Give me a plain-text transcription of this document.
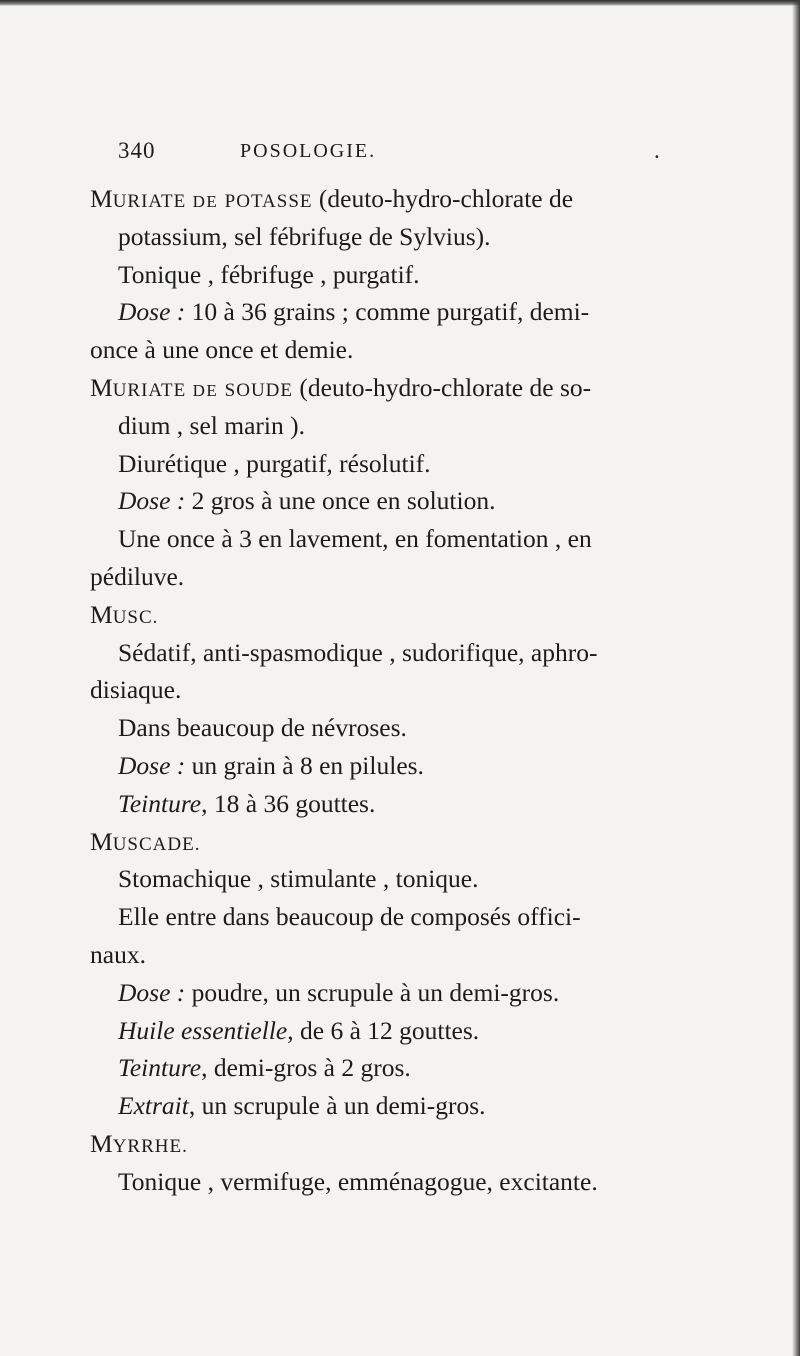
340	POSOLOGIE.	.
MURIATE DE POTASSE (deuto-hydro-chlorate de
potassium, sel fébrifuge de Sylvius).
Tonique , fébrifuge , purgatif.
Dose : 10 à 36 grains ; comme purgatif, demi-
once à une once et demie.
MURIATE DE SOUDE (deuto-hydro-chlorate de so-
dium , sel marin ).
Diurétique , purgatif, résolutif.
Dose : 2 gros à une once en solution.
Une once à 3 en lavement, en fomentation , en
pédiluve.
MUSC.
Sédatif, anti-spasmodique , sudorifique, aphro-
disiaque.
Dans beaucoup de névroses.
Dose : un grain à 8 en pilules.
Teinture, 18 à 36 gouttes.
MUSCADE.
Stomachique , stimulante , tonique.
Elle entre dans beaucoup de composés offici-
naux.
Dose : poudre, un scrupule à un demi-gros.
Huile essentielle, de 6 à 12 gouttes.
Teinture, demi-gros à 2 gros.
Extrait, un scrupule à un demi-gros.
MYRRHE.
Tonique , vermifuge, emménagogue, excitante.
